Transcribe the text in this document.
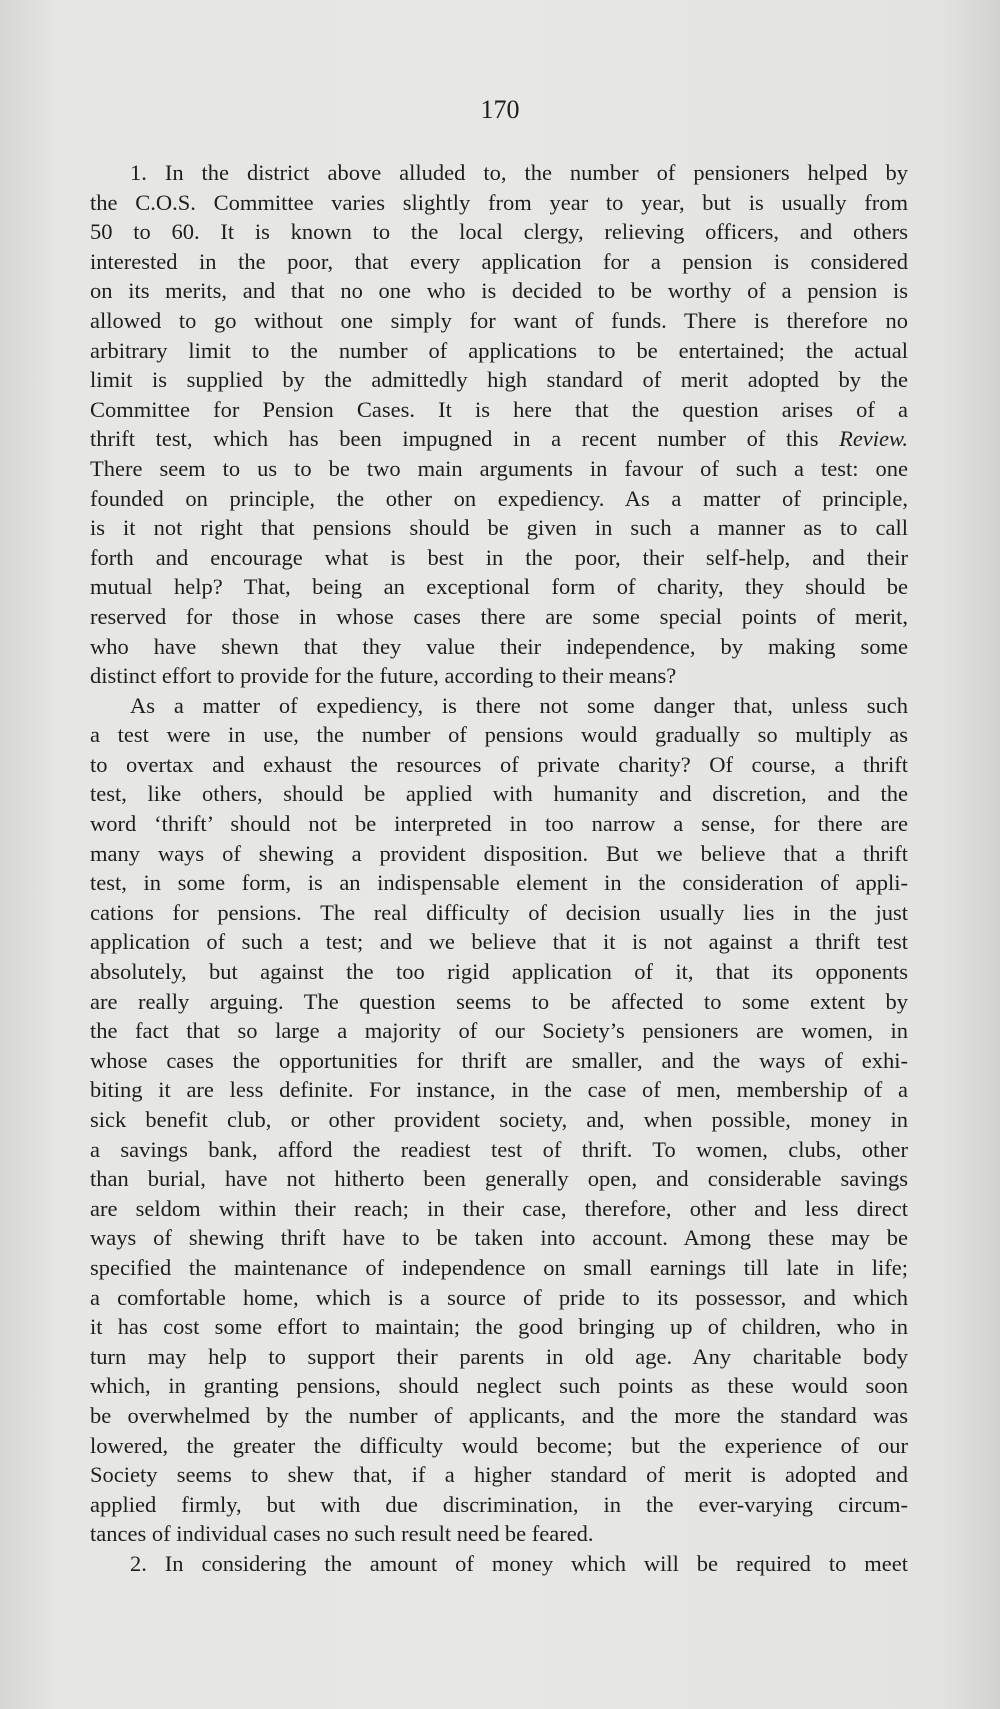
170
1. In the district above alluded to, the number of pensioners helped by
the C.O.S. Committee varies slightly from year to year, but is usually from
50 to 60. It is known to the local clergy, relieving officers, and others
interested in the poor, that every application for a pension is considered
on its merits, and that no one who is decided to be worthy of a pension is
allowed to go without one simply for want of funds. There is therefore no
arbitrary limit to the number of applications to be entertained; the actual
limit is supplied by the admittedly high standard of merit adopted by the
Committee for Pension Cases. It is here that the question arises of a
thrift test, which has been impugned in a recent number of this Review.
There seem to us to be two main arguments in favour of such a test: one
founded on principle, the other on expediency. As a matter of principle,
is it not right that pensions should be given in such a manner as to call
forth and encourage what is best in the poor, their self-help, and their
mutual help? That, being an exceptional form of charity, they should be
reserved for those in whose cases there are some special points of merit,
who have shewn that they value their independence, by making some
distinct effort to provide for the future, according to their means?
As a matter of expediency, is there not some danger that, unless such
a test were in use, the number of pensions would gradually so multiply as
to overtax and exhaust the resources of private charity? Of course, a thrift
test, like others, should be applied with humanity and discretion, and the
word ‘thrift’ should not be interpreted in too narrow a sense, for there are
many ways of shewing a provident disposition. But we believe that a thrift
test, in some form, is an indispensable element in the consideration of appli-
cations for pensions. The real difficulty of decision usually lies in the just
application of such a test; and we believe that it is not against a thrift test
absolutely, but against the too rigid application of it, that its opponents
are really arguing. The question seems to be affected to some extent by
the fact that so large a majority of our Society’s pensioners are women, in
whose cases the opportunities for thrift are smaller, and the ways of exhi-
biting it are less definite. For instance, in the case of men, membership of a
sick benefit club, or other provident society, and, when possible, money in
a savings bank, afford the readiest test of thrift. To women, clubs, other
than burial, have not hitherto been generally open, and considerable savings
are seldom within their reach; in their case, therefore, other and less direct
ways of shewing thrift have to be taken into account. Among these may be
specified the maintenance of independence on small earnings till late in life;
a comfortable home, which is a source of pride to its possessor, and which
it has cost some effort to maintain; the good bringing up of children, who in
turn may help to support their parents in old age. Any charitable body
which, in granting pensions, should neglect such points as these would soon
be overwhelmed by the number of applicants, and the more the standard was
lowered, the greater the difficulty would become; but the experience of our
Society seems to shew that, if a higher standard of merit is adopted and
applied firmly, but with due discrimination, in the ever-varying circum-
tances of individual cases no such result need be feared.
2. In considering the amount of money which will be required to meet
